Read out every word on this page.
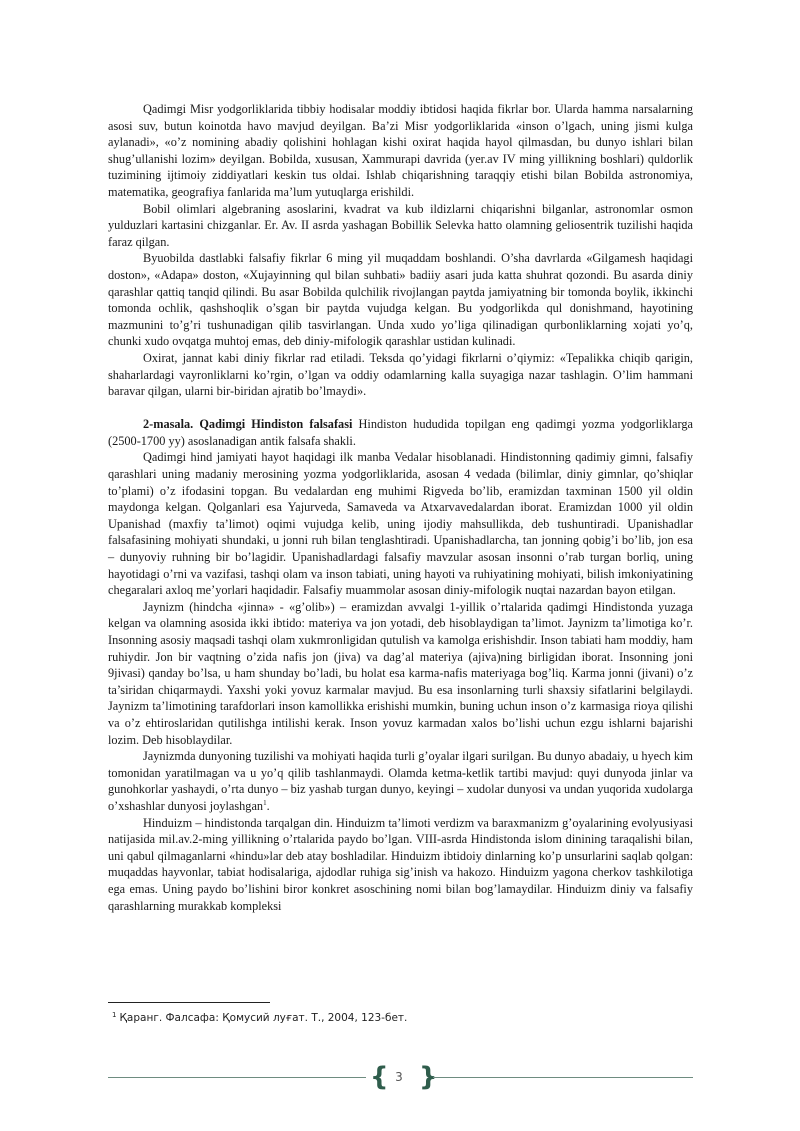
Qadimgi Misr yodgorliklarida tibbiy hodisalar moddiy ibtidosi haqida fikrlar bor. Ularda hamma narsalarning asosi suv, butun koinotda havo mavjud deyilgan. Ba’zi Misr yodgorliklarida «inson o’lgach, uning jismi kulga aylanadi», «o’z nomining abadiy qolishini hohlagan kishi oxirat haqida hayol qilmasdan, bu dunyo ishlari bilan shug’ullanishi lozim» deyilgan. Bobilda, xususan, Xammurapi davrida (yer.av IV ming yillikning boshlari) quldorlik tuzimining ijtimoiy ziddiyatlari keskin tus oldai. Ishlab chiqarishning taraqqiy etishi bilan Bobilda astronomiya, matematika, geografiya fanlarida ma’lum yutuqlarga erishildi.

Bobil olimlari algebraning asoslarini, kvadrat va kub ildizlarni chiqarishni bilganlar, astronomlar osmon yulduzlari kartasini chizganlar. Er. Av. II asrda yashagan Bobillik Selevka hatto olamning geliosentrik tuzilishi haqida faraz qilgan.

Byuobilda dastlabki falsafiy fikrlar 6 ming yil muqaddam boshlandi. O’sha davrlarda «Gilgamesh haqidagi doston», «Adapa» doston, «Xujayinning qul bilan suhbati» badiiy asari juda katta shuhrat qozondi. Bu asarda diniy qarashlar qattiq tanqid qilindi. Bu asar Bobilda qulchilik rivojlangan paytda jamiyatning bir tomonda boylik, ikkinchi tomonda ochlik, qashshoqlik o’sgan bir paytda vujudga kelgan. Bu yodgorlikda qul donishmand, hayotining mazmunini to’g’ri tushunadigan qilib tasvirlangan. Unda xudo yo’liga qilinadigan qurbonliklarning xojati yo’q, chunki xudo ovqatga muhtoj emas, deb diniy-mifologik qarashlar ustidan kulinadi.

Oxirat, jannat kabi diniy fikrlar rad etiladi. Teksda qo’yidagi fikrlarni o’qiymiz: «Tepalikka chiqib qarigin, shaharlardagi vayronliklarni ko’rgin, o’lgan va oddiy odamlarning kalla suyagiga nazar tashlagin. O’lim hammani baravar qilgan, ularni bir-biridan ajratib bo’lmaydi».

2-masala. Qadimgi Hindiston falsafasi Hindiston hududida topilgan eng qadimgi yozma yodgorliklarga (2500-1700 yy) asoslanadigan antik falsafa shakli.

Qadimgi hind jamiyati hayot haqidagi ilk manba Vedalar hisoblanadi. Hindistonning qadimiy gimni, falsafiy qarashlari uning madaniy merosining yozma yodgorliklarida, asosan 4 vedada (bilimlar, diniy gimnlar, qo’shiqlar to’plami) o’z ifodasini topgan. Bu vedalardan eng muhimi Rigveda bo’lib, eramizdan taxminan 1500 yil oldin maydonga kelgan. Qolganlari esa Yajurveda, Samaveda va Atxarvavedalardan iborat. Eramizdan 1000 yil oldin Upanishad (maxfiy ta’limot) oqimi vujudga kelib, uning ijodiy mahsullikda, deb tushuntiradi. Upanishadlar falsafasining mohiyati shundaki, u jonni ruh bilan tenglashtiradi. Upanishadlarcha, tan jonning qobig’i bo’lib, jon esa – dunyoviy ruhning bir bo’lagidir. Upanishadlardagi falsafiy mavzular asosan insonni o’rab turgan borliq, uning hayotidagi o’rni va vazifasi, tashqi olam va inson tabiati, uning hayoti va ruhiyatining mohiyati, bilish imkoniyatining chegaralari axloq me’yorlari haqidadir. Falsafiy muammolar asosan diniy-mifologik nuqtai nazardan bayon etilgan.

Jaynizm (hindcha «jinna» - «g’olib») – eramizdan avvalgi 1-yillik o’rtalarida qadimgi Hindistonda yuzaga kelgan va olamning asosida ikki ibtido: materiya va jon yotadi, deb hisoblaydigan ta’limot. Jaynizm ta’limotiga ko’r. Insonning asosiy maqsadi tashqi olam xukmronligidan qutulish va kamolga erishishdir. Inson tabiati ham moddiy, ham ruhiydir. Jon bir vaqtning o’zida nafis jon (jiva) va dag’al materiya (ajiva)ning birligidan iborat. Insonning joni 9jivasi) qanday bo’lsa, u ham shunday bo’ladi, bu holat esa karma-nafis materiyaga bog’liq. Karma jonni (jivani) o’z ta’siridan chiqarmaydi. Yaxshi yoki yovuz karmalar mavjud. Bu esa insonlarning turli shaxsiy sifatlarini belgilaydi. Jaynizm ta’limotining tarafdorlari inson kamollikka erishishi mumkin, buning uchun inson o’z karmasiga rioya qilishi va o’z ehtiroslaridan qutilishga intilishi kerak. Inson yovuz karmadan xalos bo’lishi uchun ezgu ishlarni bajarishi lozim. Deb hisoblaydilar.

Jaynizmda dunyoning tuzilishi va mohiyati haqida turli g’oyalar ilgari surilgan. Bu dunyo abadaiy, u hyech kim tomonidan yaratilmagan va u yo’q qilib tashlanmaydi. Olamda ketma-ketlik tartibi mavjud: quyi dunyoda jinlar va gunohkorlar yashaydi, o’rta dunyo – biz yashab turgan dunyo, keyingi – xudolar dunyosi va undan yuqorida xudolarga o’xshashlar dunyosi joylashgan$^1$.

Hinduizm – hindistonda tarqalgan din. Hinduizm ta’limoti verdizm va baraxmanizm g’oyalarining evolyusiyasi natijasida mil.av.2-ming yillikning o’rtalarida paydo bo’lgan. VIII-asrda Hindistonda islom dinining taraqalishi bilan, uni qabul qilmaganlarni «hindu»lar deb atay boshladilar. Hinduizm ibtidoiy dinlarning ko’p unsurlarini saqlab qolgan: muqaddas hayvonlar, tabiat hodisalariga, ajdodlar ruhiga sig’inish va hakozo. Hinduizm yagona cherkov tashkilotiga ega emas. Uning paydo bo’lishini biror konkret asoschining nomi bilan bog’lamaydilar. Hinduizm diniy va falsafiy qarashlarning murakkab kompleksi

$^1$ Қаранг. Фалсафа: Қомусий луғат. Т., 2004, 123-бет.
{ 3 }
